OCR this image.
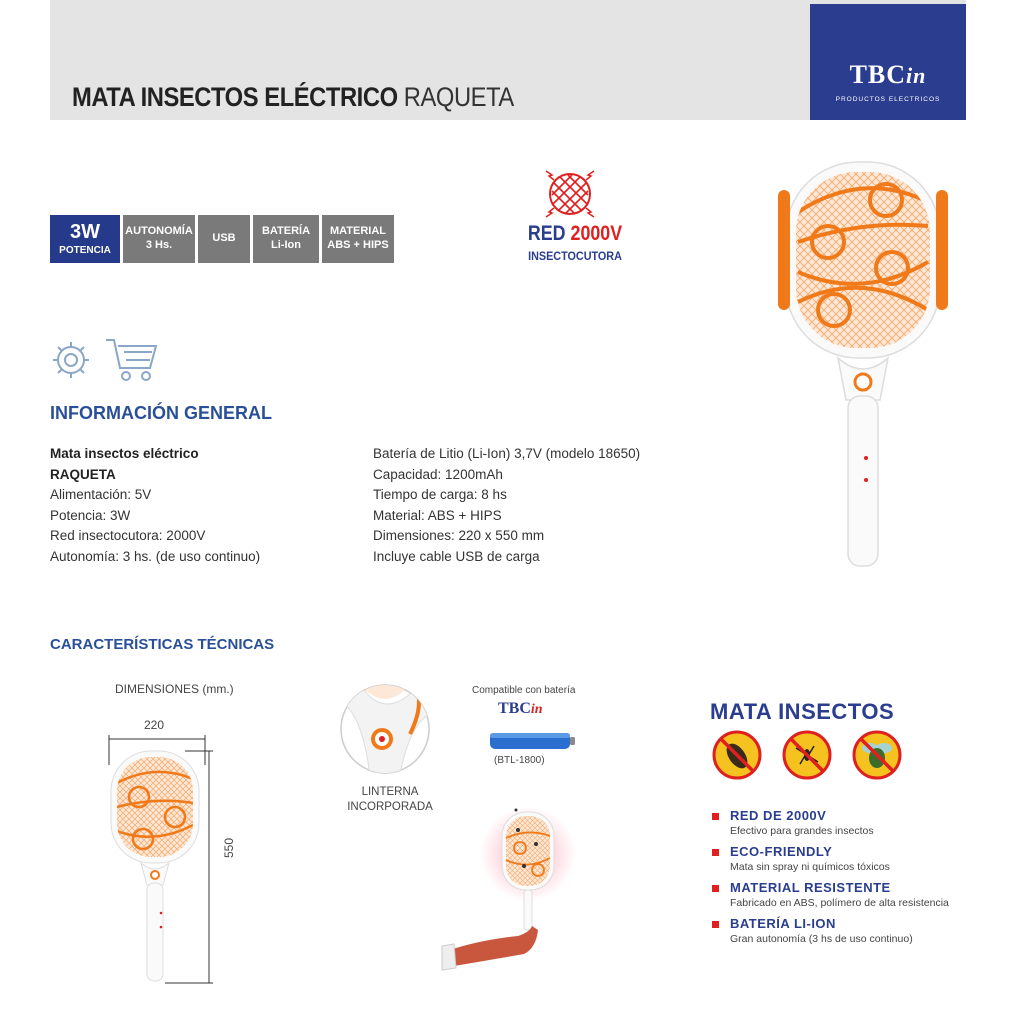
MATA INSECTOS ELÉCTRICO RAQUETA
TBCin
PRODUCTOS ELECTRICOS
3W
POTENCIA
AUTONOMÍA
3 Hs.
USB
BATERÍA
Li-Ion
MATERIAL
ABS + HIPS	RED 2000V
INSECTOCUTORA
INFORMACIÓN GENERAL
Mata insectos eléctrico
RAQUETA
Alimentación: 5V
Potencia: 3W
Red insectocutora: 2000V
Autonomía: 3 hs. (de uso continuo)
Batería de Litio (Li-Ion) 3,7V (modelo 18650)
Capacidad: 1200mAh
Tiempo de carga: 8 hs
Material: ABS + HIPS
Dimensiones: 220 x 550 mm
Incluye cable USB de carga
CARACTERÍSTICAS TÉCNICAS
DIMENSIONES (mm.)
220
550
LINTERNA INCORPORADA
Compatible con batería
TBCin
(BTL-1800)
MATA INSECTOS
RED DE 2000V
Efectivo para grandes insectos
ECO-FRIENDLY
Mata sin spray ni químicos tóxicos
MATERIAL RESISTENTE
Fabricado en ABS, polímero de alta resistencia
BATERÍA LI-ION
Gran autonomía (3 hs de uso continuo)
